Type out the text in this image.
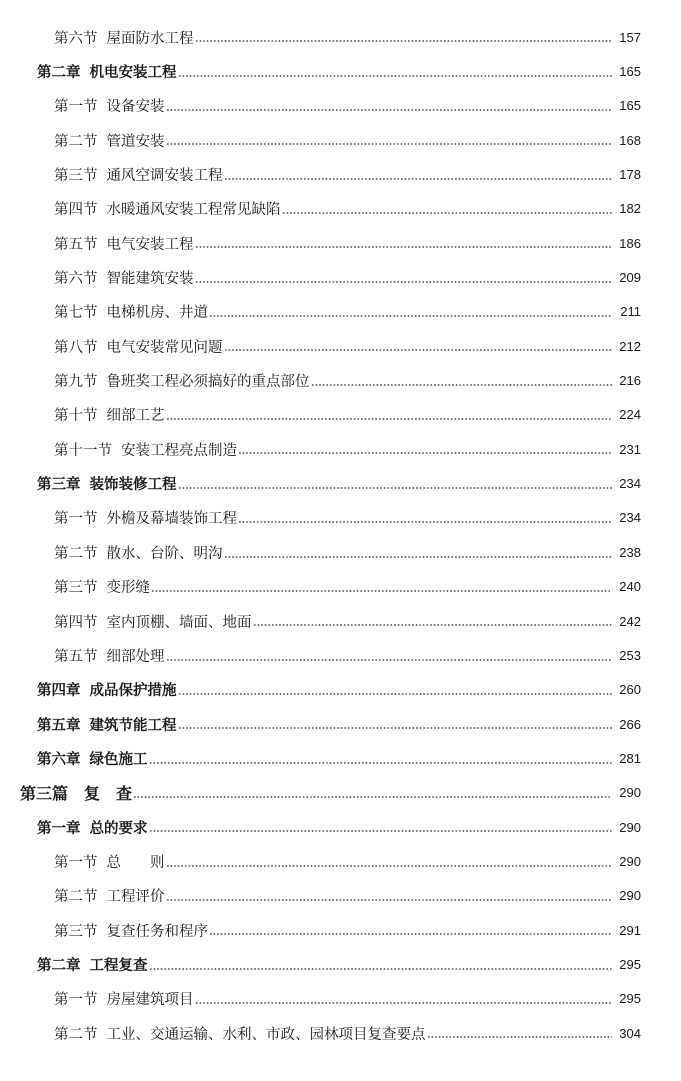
第六节 屋面防水工程	157
第二章 机电安装工程	165
第一节 设备安装	165
第二节 管道安装	168
第三节 通风空调安装工程	178
第四节 水暖通风安装工程常见缺陷	182
第五节 电气安装工程	186
第六节 智能建筑安装	209
第七节 电梯机房、井道	211
第八节 电气安装常见问题	212
第九节 鲁班奖工程必须搞好的重点部位	216
第十节 细部工艺	224
第十一节 安装工程亮点制造	231
第三章 装饰装修工程	234
第一节 外檐及幕墙装饰工程	234
第二节 散水、台阶、明沟	238
第三节 变形缝	240
第四节 室内顶棚、墙面、地面	242
第五节 细部处理	253
第四章 成品保护措施	260
第五章 建筑节能工程	266
第六章 绿色施工	281
第三篇 　复　查	290
第一章 总的要求	290
第一节 总　　则	290
第二节 工程评价	290
第三节 复查任务和程序	291
第二章 工程复查	295
第一节 房屋建筑项目	295
第二节 工业、交通运输、水利、市政、园林项目复查要点	304
